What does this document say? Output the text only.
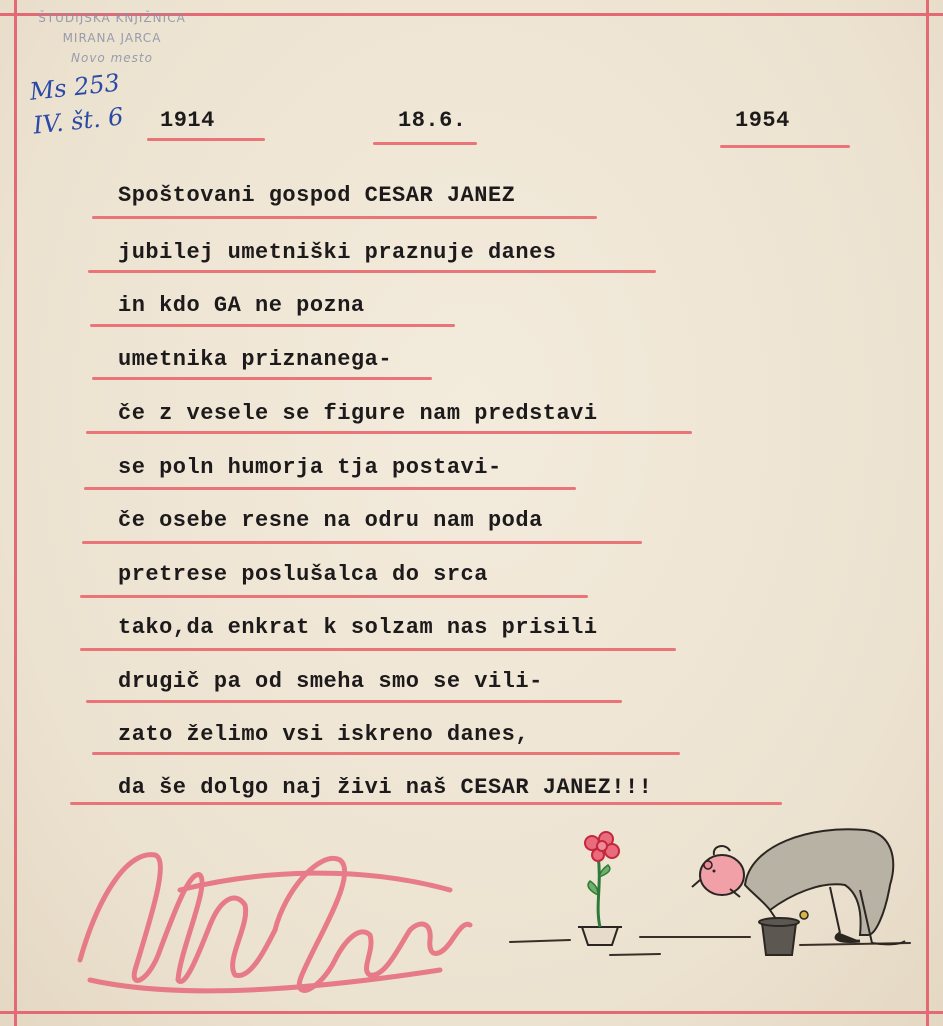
ŠTUDIJSKA KNJIŽNICA
MIRANA JARCA
Novo mesto
Ms 253
IV. št. 6	1914	18.6.	1954
Spoštovani gospod CESAR JANEZ
jubilej umetniški praznuje danes
in kdo GA ne pozna
umetnika priznanega-
če z vesele se figure nam predstavi
se poln humorja tja postavi-
če osebe resne na odru nam poda
pretrese poslušalca do srca
tako,da enkrat k solzam nas prisili
drugič pa od smeha smo se vili-
zato želimo vsi iskreno danes,
da še dolgo naj živi naš CESAR JANEZ!!!
